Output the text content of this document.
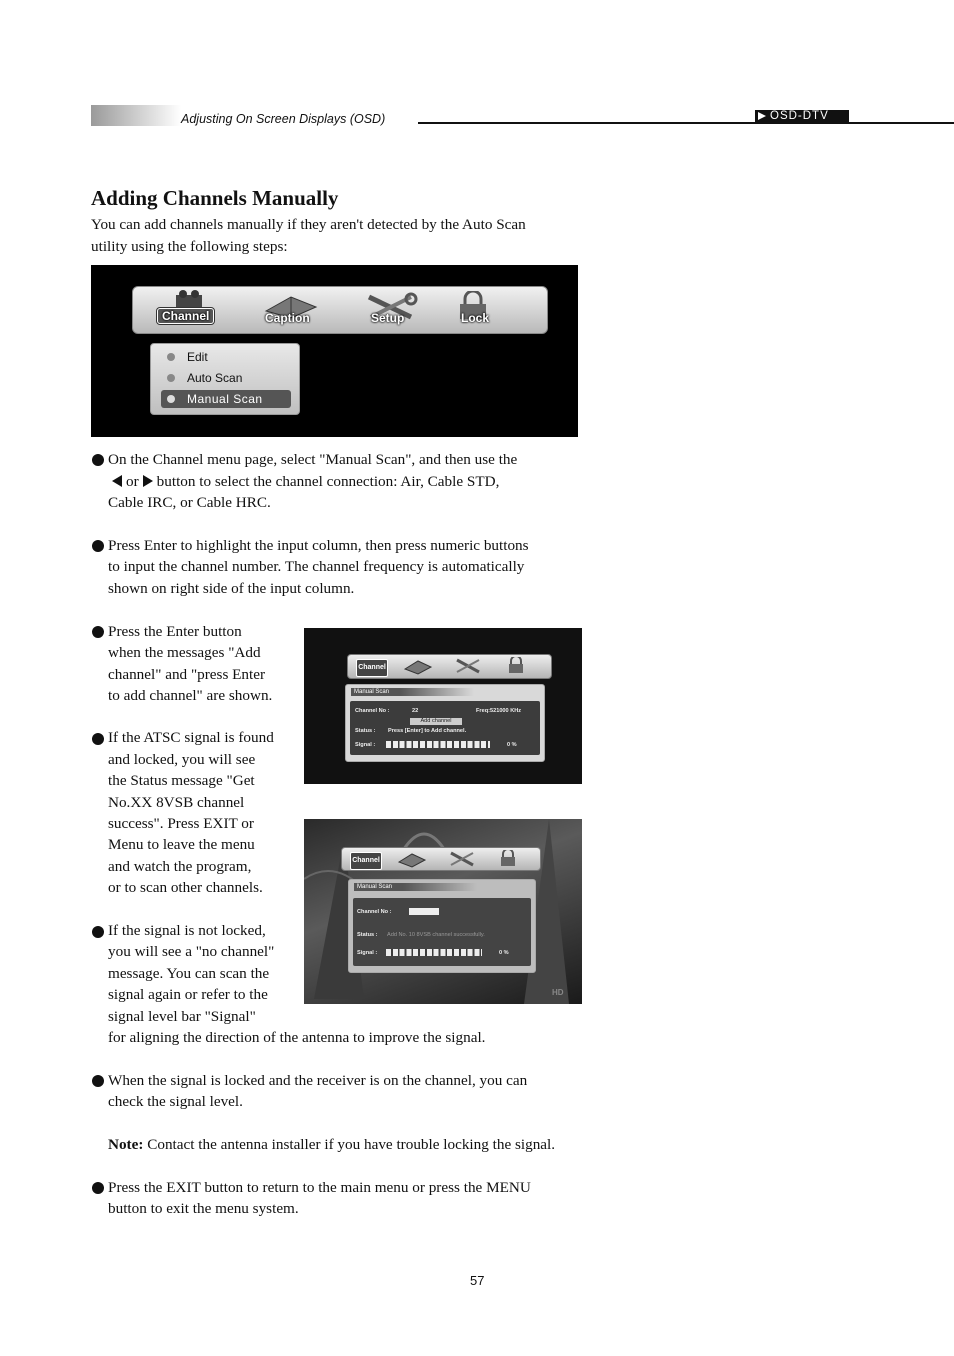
Adjusting On Screen Displays (OSD)	OSD-DTV
Adding Channels Manually
You can add channels manually if they aren't detected by the Auto Scan
utility using the following steps:
Channel	Caption	Setup	Lock
Edit
Auto Scan
Manual Scan
On the Channel menu page, select "Manual Scan", and then use the
or button to select the channel connection: Air, Cable STD,
Cable IRC, or Cable HRC.
Press Enter to highlight the input column, then press numeric buttons
to input the channel number. The channel frequency is automatically
shown on right side of the input column.
Press the Enter button
when the messages "Add
channel" and "press Enter
to add channel" are shown.
If the ATSC signal is found
and locked, you will see
the Status message "Get
No.XX 8VSB channel
success". Press EXIT or
Menu to leave the menu
and watch the program,
or to scan other channels.
If the signal is not locked,
you will see a "no channel"
message. You can scan the
signal again or refer to the
signal level bar "Signal"
for aligning the direction of the antenna to improve the signal.
When the signal is locked and the receiver is on the channel, you can
check the signal level.
Note: Contact the antenna installer if you have trouble locking the signal.
Press the EXIT button to return to the main menu or press the MENU
button to exit the menu system.
Channel
Manual Scan
Channel No :	22	Freq:521000 KHz
Add channel
Status : Press [Enter] to Add channel.
Signal :	0 %
Channel
Manual Scan
Channel No :
Status : Add No. 10 8VSB channel successfully.
Signal :	0 %
HD
57
